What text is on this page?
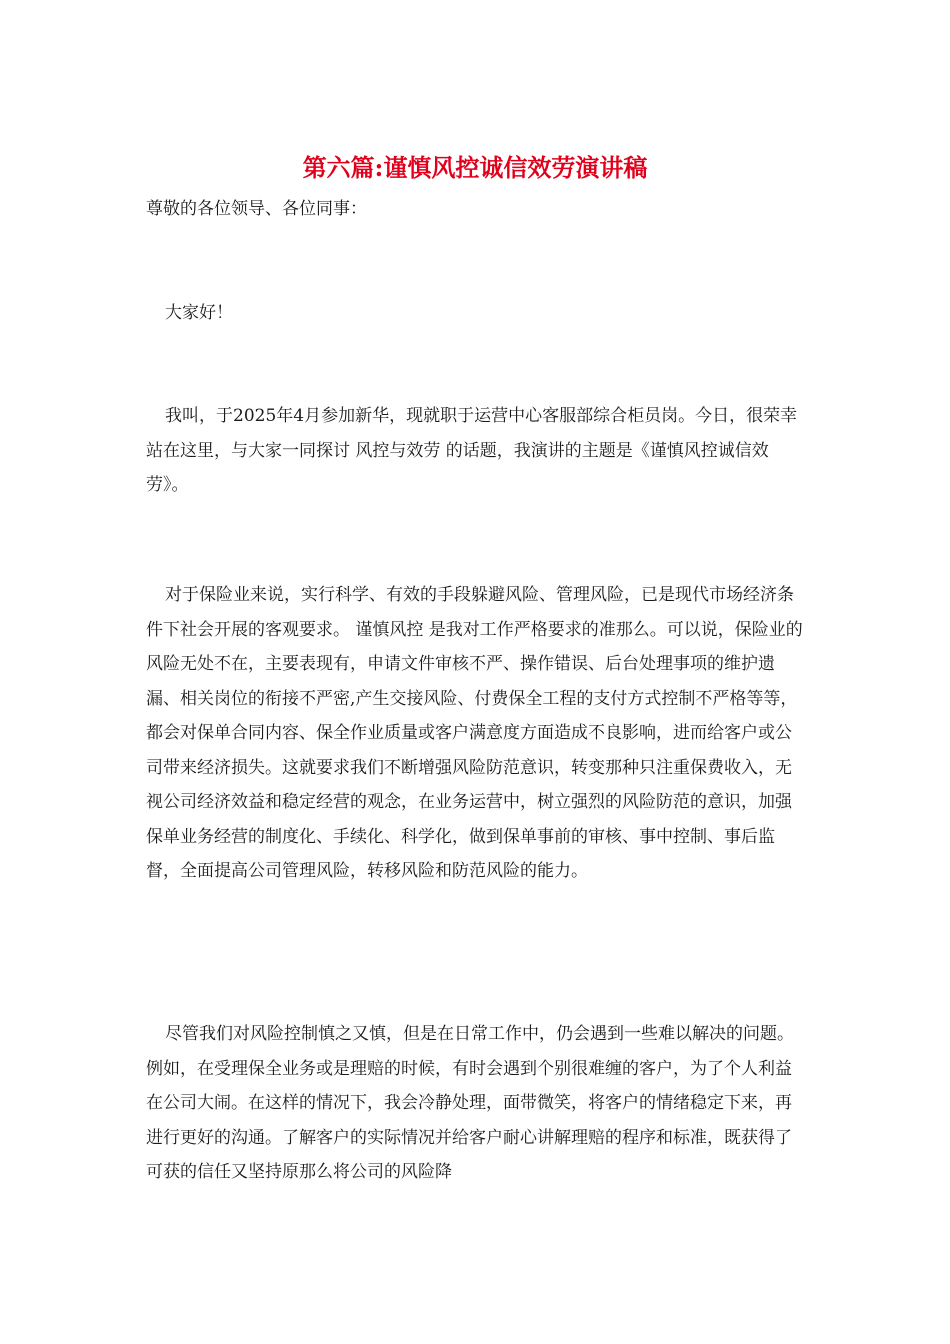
第六篇:谨慎风控诚信效劳演讲稿

尊敬的各位领导、各位同事：

大家好！

我叫，于2025年4月参加新华，现就职于运营中心客服部综合柜员岗。今日，很荣幸站在这里，与大家一同探讨 风控与效劳 的话题，我演讲的主题是《谨慎风控诚信效劳》。

对于保险业来说，实行科学、有效的手段躲避风险、管理风险，已是现代市场经济条件下社会开展的客观要求。 谨慎风控 是我对工作严格要求的准那么。可以说，保险业的风险无处不在，主要表现有，申请文件审核不严、操作错误、后台处理事项的维护遗漏、相关岗位的衔接不严密,产生交接风险、付费保全工程的支付方式控制不严格等等，都会对保单合同内容、保全作业质量或客户满意度方面造成不良影响，进而给客户或公司带来经济损失。这就要求我们不断增强风险防范意识，转变那种只注重保费收入，无视公司经济效益和稳定经营的观念，在业务运营中，树立强烈的风险防范的意识，加强保单业务经营的制度化、手续化、科学化，做到保单事前的审核、事中控制、事后监督，全面提高公司管理风险，转移风险和防范风险的能力。

尽管我们对风险控制慎之又慎，但是在日常工作中，仍会遇到一些难以解决的问题。例如，在受理保全业务或是理赔的时候，有时会遇到个别很难缠的客户，为了个人利益在公司大闹。在这样的情况下，我会冷静处理，面带微笑，将客户的情绪稳定下来，再进行更好的沟通。了解客户的实际情况并给客户耐心讲解理赔的程序和标准，既获得了可获的信任又坚持原那么将公司的风险降
